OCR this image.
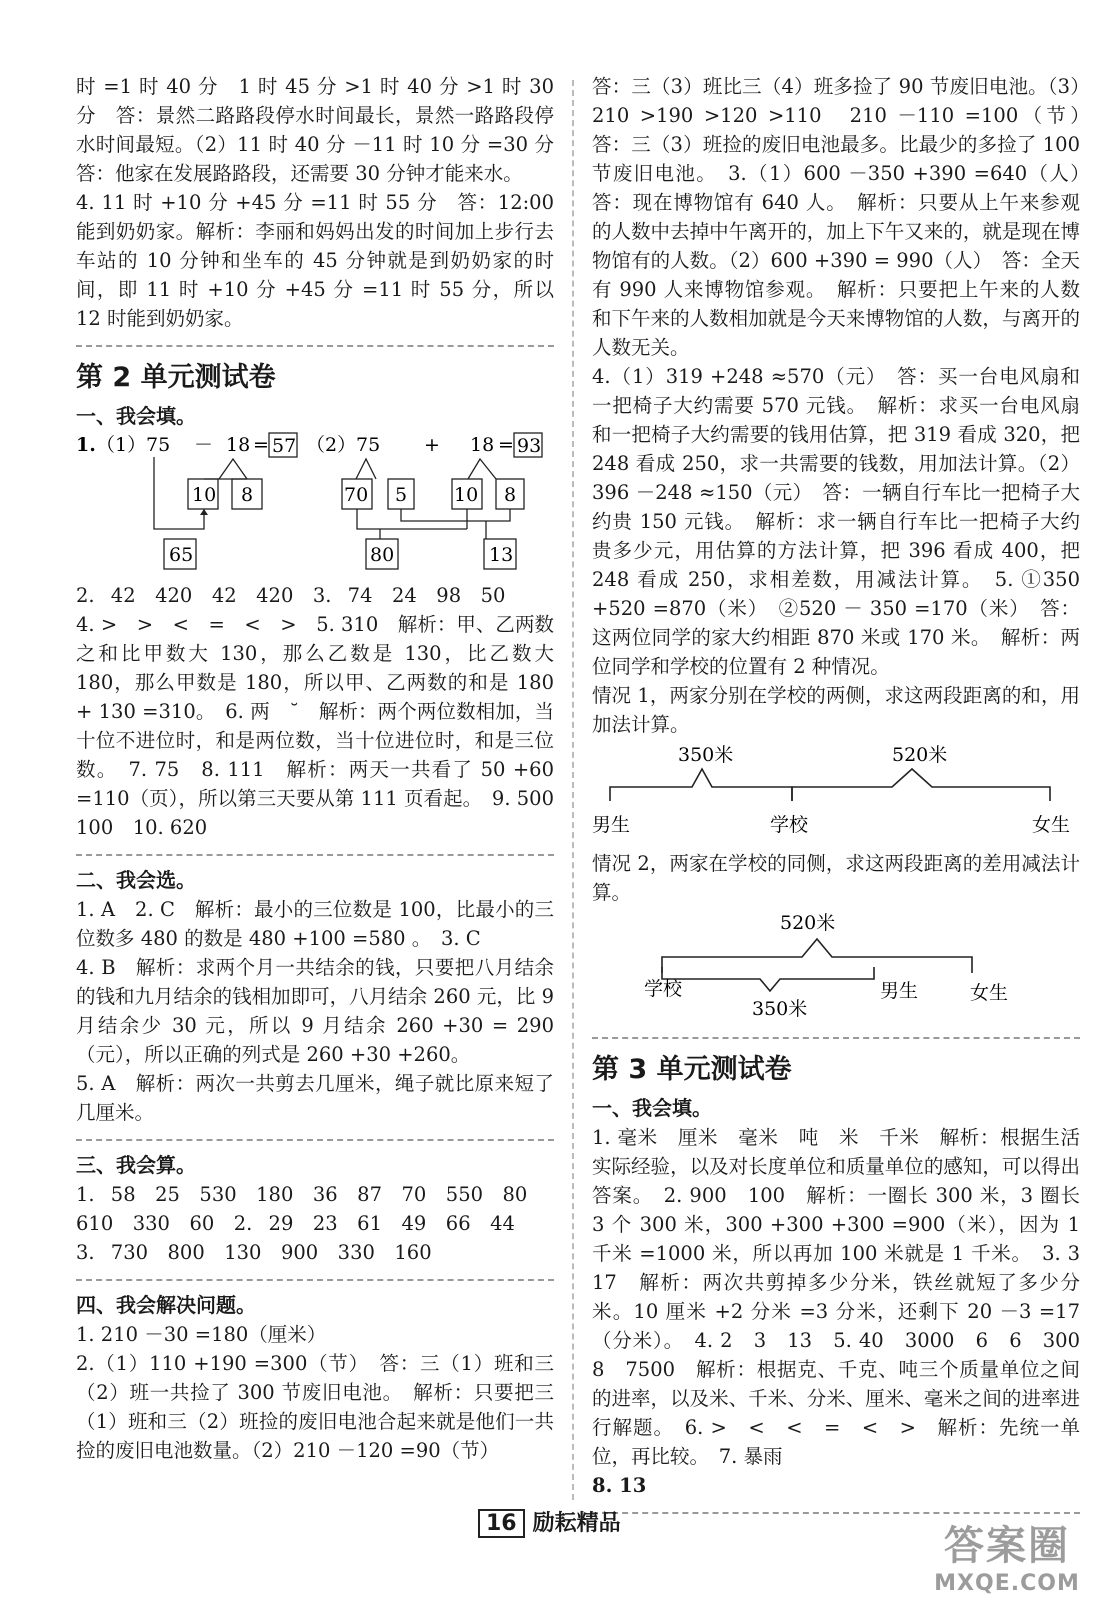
时 =1 时 40 分　1 时 45 分 >1 时 40 分 >1 时 30 分　答：景然二路路段停水时间最长，景然一路路段停水时间最短。（2）11 时 40 分 －11 时 10 分 =30 分　答：他家在发展路路段，还需要 30 分钟才能来水。

4. 11 时 +10 分 +45 分 =11 时 55 分　答：12:00 能到奶奶家。解析：李丽和妈妈出发的时间加上步行去车站的 10 分钟和坐车的 45 分钟就是到奶奶家的时间，即 11 时 +10 分 +45 分 =11 时 55 分，所以 12 时能到奶奶家。

第 2 单元测试卷
一、我会填。
1. （1） 75 － 18 = 57
10 8
65
（2） 75 + 18 = 93
70 5 10 8
80	13

2. 42　420　42　420　3. 74　24　98　50

4. >　>　<　=　<　>　5. 310　解析：甲、乙两数之和比甲数大 130，那么乙数是 130，比乙数大 180，那么甲数是 180，所以甲、乙两数的和是 180 + 130 =310。　6. 两　˘　解析：两个两位数相加，当十位不进位时，和是两位数，当十位进位时，和是三位数。　7. 75　8. 111　解析：两天一共看了 50 +60 =110（页），所以第三天要从第 111 页看起。　9. 500　100　10. 620

二、我会选。

1. A　2. C　解析：最小的三位数是 100，比最小的三位数多 480 的数是 480 +100 =580 。　3. C

4. B　解析：求两个月一共结余的钱，只要把八月结余的钱和九月结余的钱相加即可，八月结余 260 元，比 9 月结余少 30 元，所以 9 月结余 260 +30 = 290（元），所以正确的列式是 260 +30 +260。

5. A　解析：两次一共剪去几厘米，绳子就比原来短了几厘米。

三、我会算。

1. 58　25　530　180　36　87　70　550　80

610　330　60　2. 29　23　61　49　66　44

3. 730　800　130　900　330　160

四、我会解决问题。

1. 210 －30 =180（厘米）

2.（1）110 +190 =300（节）　答：三（1）班和三（2）班一共捡了 300 节废旧电池。　解析：只要把三（1）班和三（2）班捡的废旧电池合起来就是他们一共捡的废旧电池数量。（2）210 －120 =90（节）

答：三（3）班比三（4）班多捡了 90 节废旧电池。（3）210 >190 >120 >110　210 －110 =100（节）　答：三（3）班捡的废旧电池最多。比最少的多捡了 100 节废旧电池。　3.（1）600 －350 +390 =640（人）　答：现在博物馆有 640 人。　解析：只要从上午来参观的人数中去掉中午离开的，加上下午又来的，就是现在博物馆有的人数。（2）600 +390 = 990（人）　答：全天有 990 人来博物馆参观。　解析：只要把上午来的人数和下午来的人数相加就是今天来博物馆的人数，与离开的人数无关。

4.（1）319 +248 ≈570（元）　答：买一台电风扇和一把椅子大约需要 570 元钱。　解析：求买一台电风扇和一把椅子大约需要的钱用估算，把 319 看成 320，把 248 看成 250，求一共需要的钱数，用加法计算。（2）396 －248 ≈150（元）　答：一辆自行车比一把椅子大约贵 150 元钱。　解析：求一辆自行车比一把椅子大约贵多少元，用估算的方法计算，把 396 看成 400，把 248 看成 250，求相差数，用减法计算。　5. ①350 +520 =870（米）　②520 － 350 =170（米）　答：这两位同学的家大约相距 870 米或 170 米。　解析：两位同学和学校的位置有 2 种情况。

情况 1，两家分别在学校的两侧，求这两段距离的和，用加法计算。

350米	520米
男生	学校	女生

情况 2，两家在学校的同侧，求这两段距离的差用减法计算。

520米
学校
350米
男生	女生
第 3 单元测试卷
一、我会填。

1. 毫米　厘米　毫米　吨　米　千米　解析：根据生活实际经验，以及对长度单位和质量单位的感知，可以得出答案。　2. 900　100　解析：一圈长 300 米，3 圈长 3 个 300 米，300 +300 +300 =900（米），因为 1 千米 =1000 米，所以再加 100 米就是 1 千米。　3. 3　17　解析：两次共剪掉多少分米，铁丝就短了多少分米。10 厘米 +2 分米 =3 分米，还剩下 20 －3 =17（分米）。　4. 2　3　13　5. 40　3000　6　6　300　8　7500　解析：根据克、千克、吨三个质量单位之间的进率，以及米、千米、分米、厘米、毫米之间的进率进行解题。　6. >　<　<　=　<　>　解析：先统一单位，再比较。　7. 暴雨

8. 13

16 励耘精品	答案圈
MXQE.COM
